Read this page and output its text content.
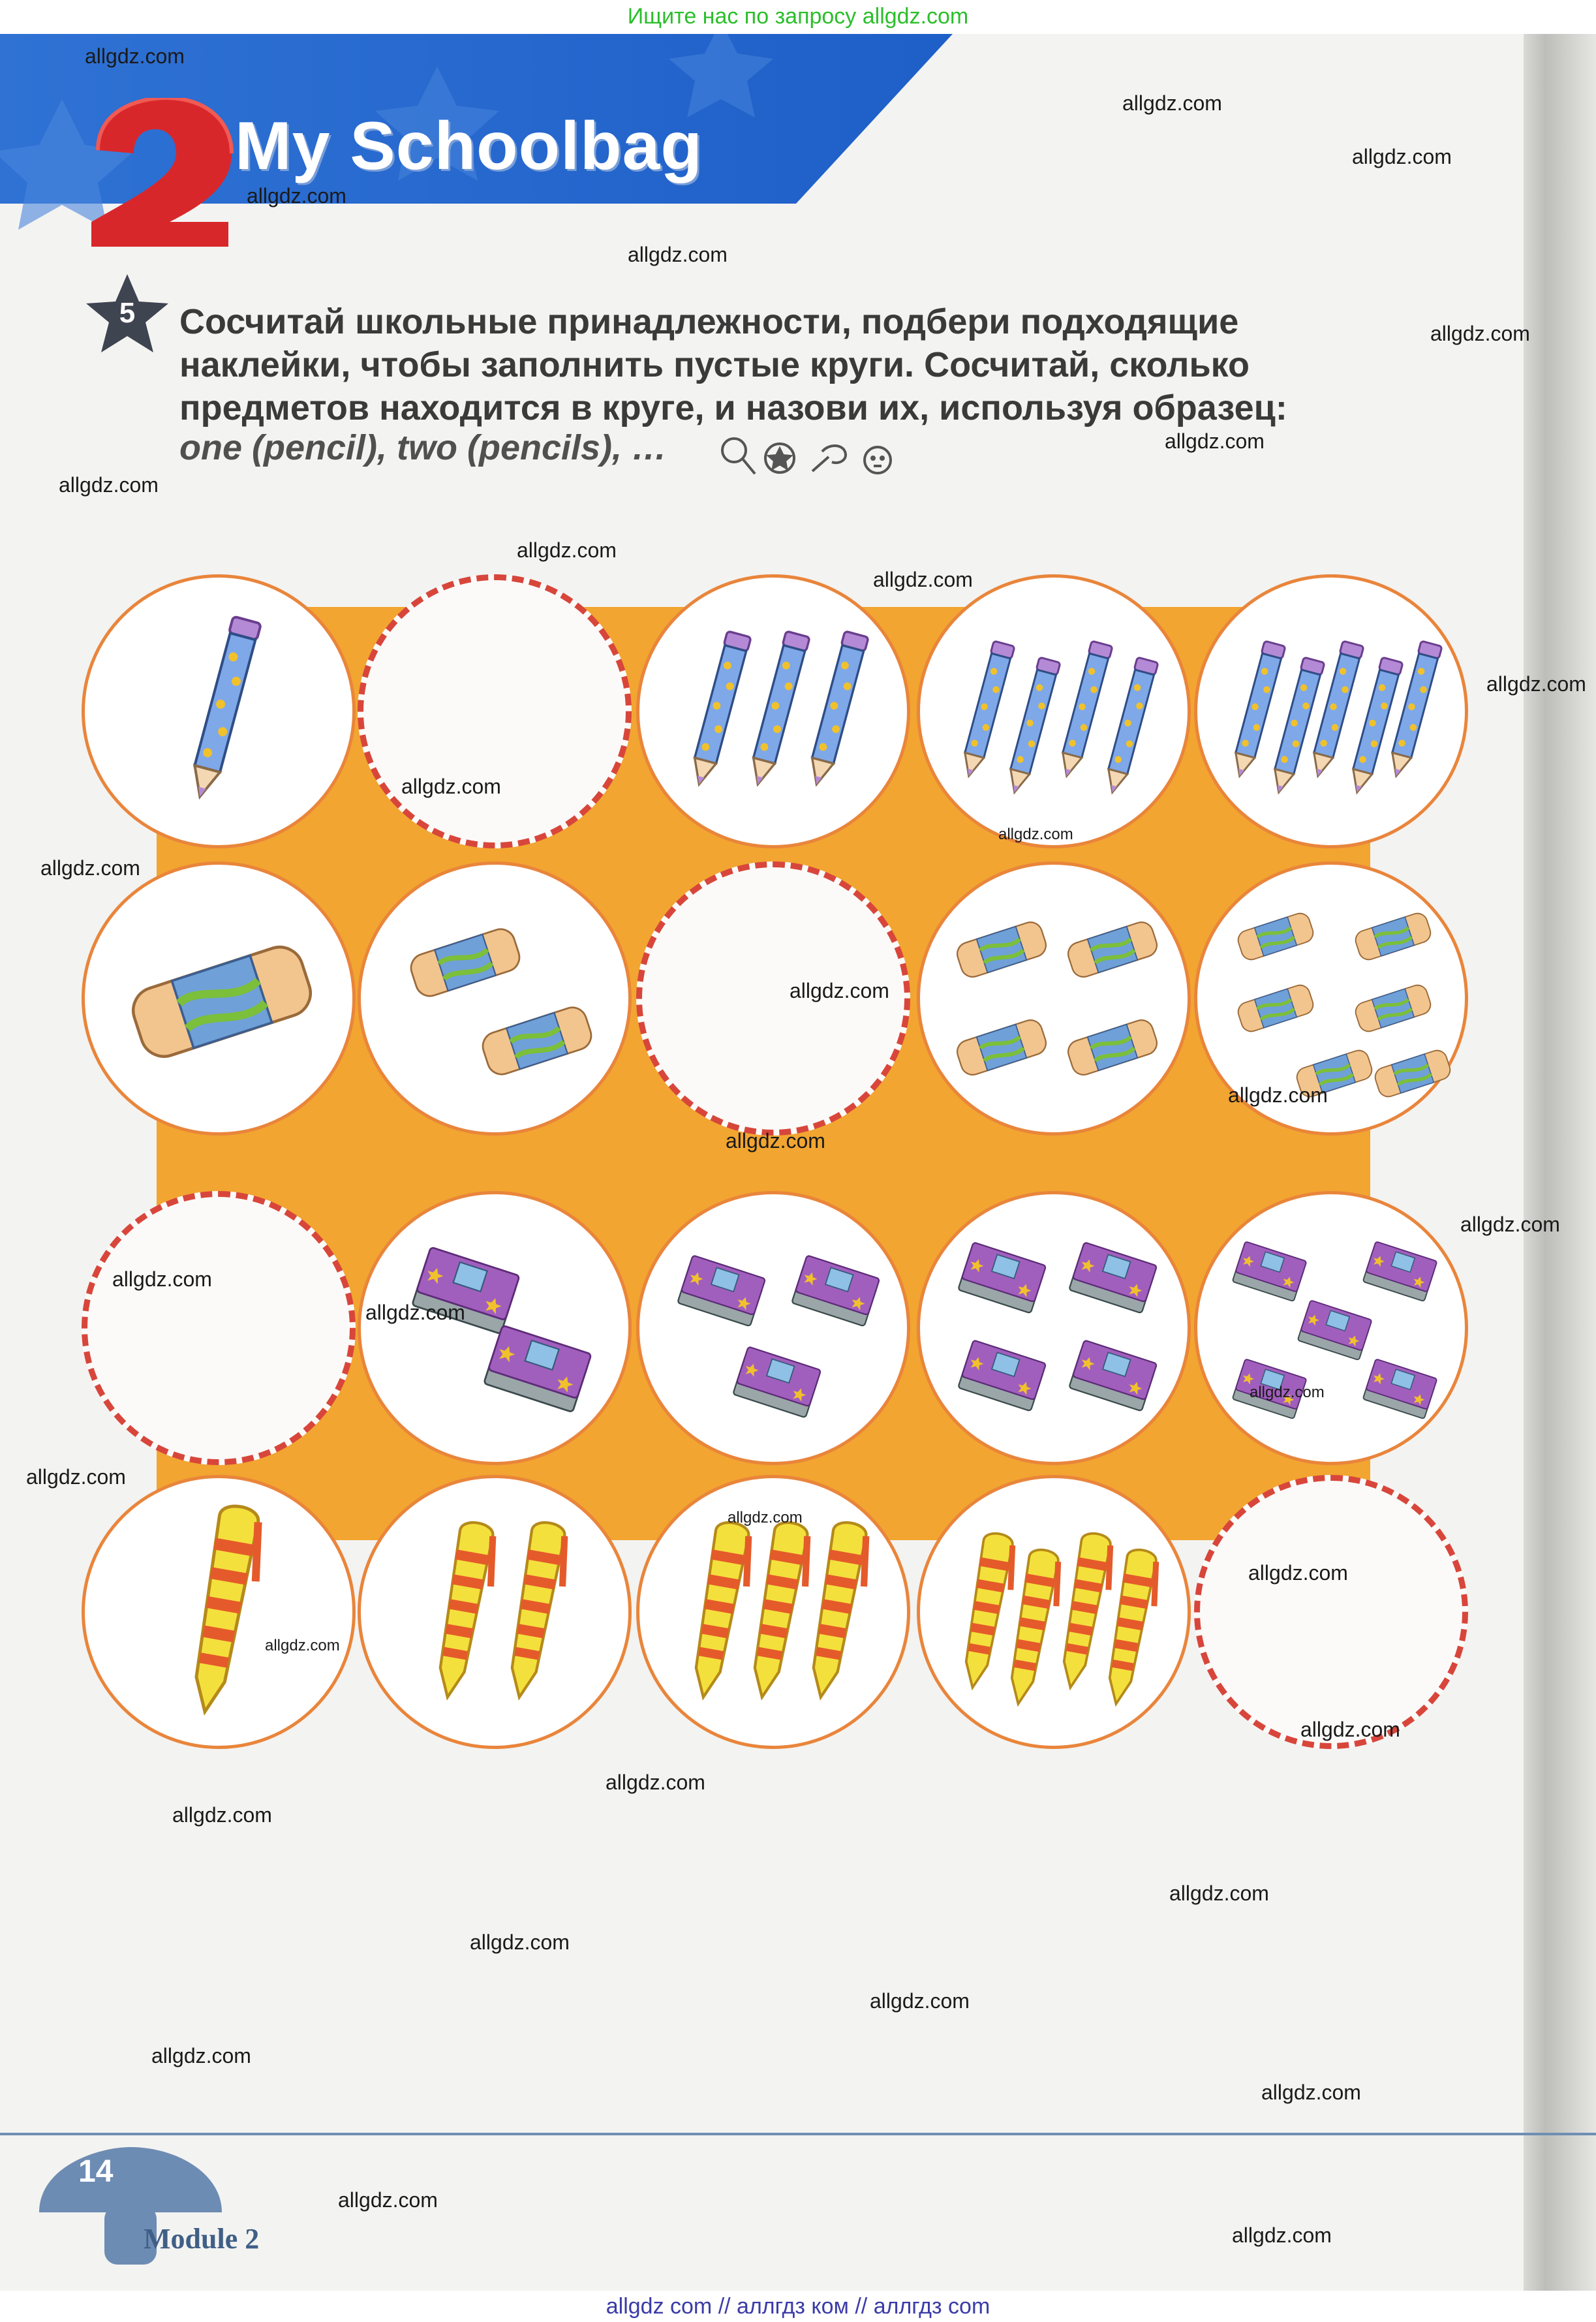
Ищите нас по запросу allgdz.com
My Schoolbag
5	Сосчитай школьные принадлежности, подбери подходящие
наклейки, чтобы заполнить пустые круги. Сосчитай, сколько
предметов находится в круге, и назови их, используя образец:
one (pencil), two (pencils), …
14
Module 2
allgdz com // аллгдз ком // аллгдз com
allgdz.com
allgdz.com
allgdz.com
allgdz.com
allgdz.com
allgdz.com
allgdz.com
allgdz.com
allgdz.com
allgdz.com
allgdz.com
allgdz.com
allgdz.com
allgdz.com
allgdz.com
allgdz.com
allgdz.com
allgdz.com
allgdz.com
allgdz.com
allgdz.com
allgdz.com
allgdz.com
allgdz.com
allgdz.com
allgdz.com
allgdz.com
allgdz.com
allgdz.com
allgdz.com
allgdz.com
allgdz.com
allgdz.com
allgdz.com
allgdz.com
